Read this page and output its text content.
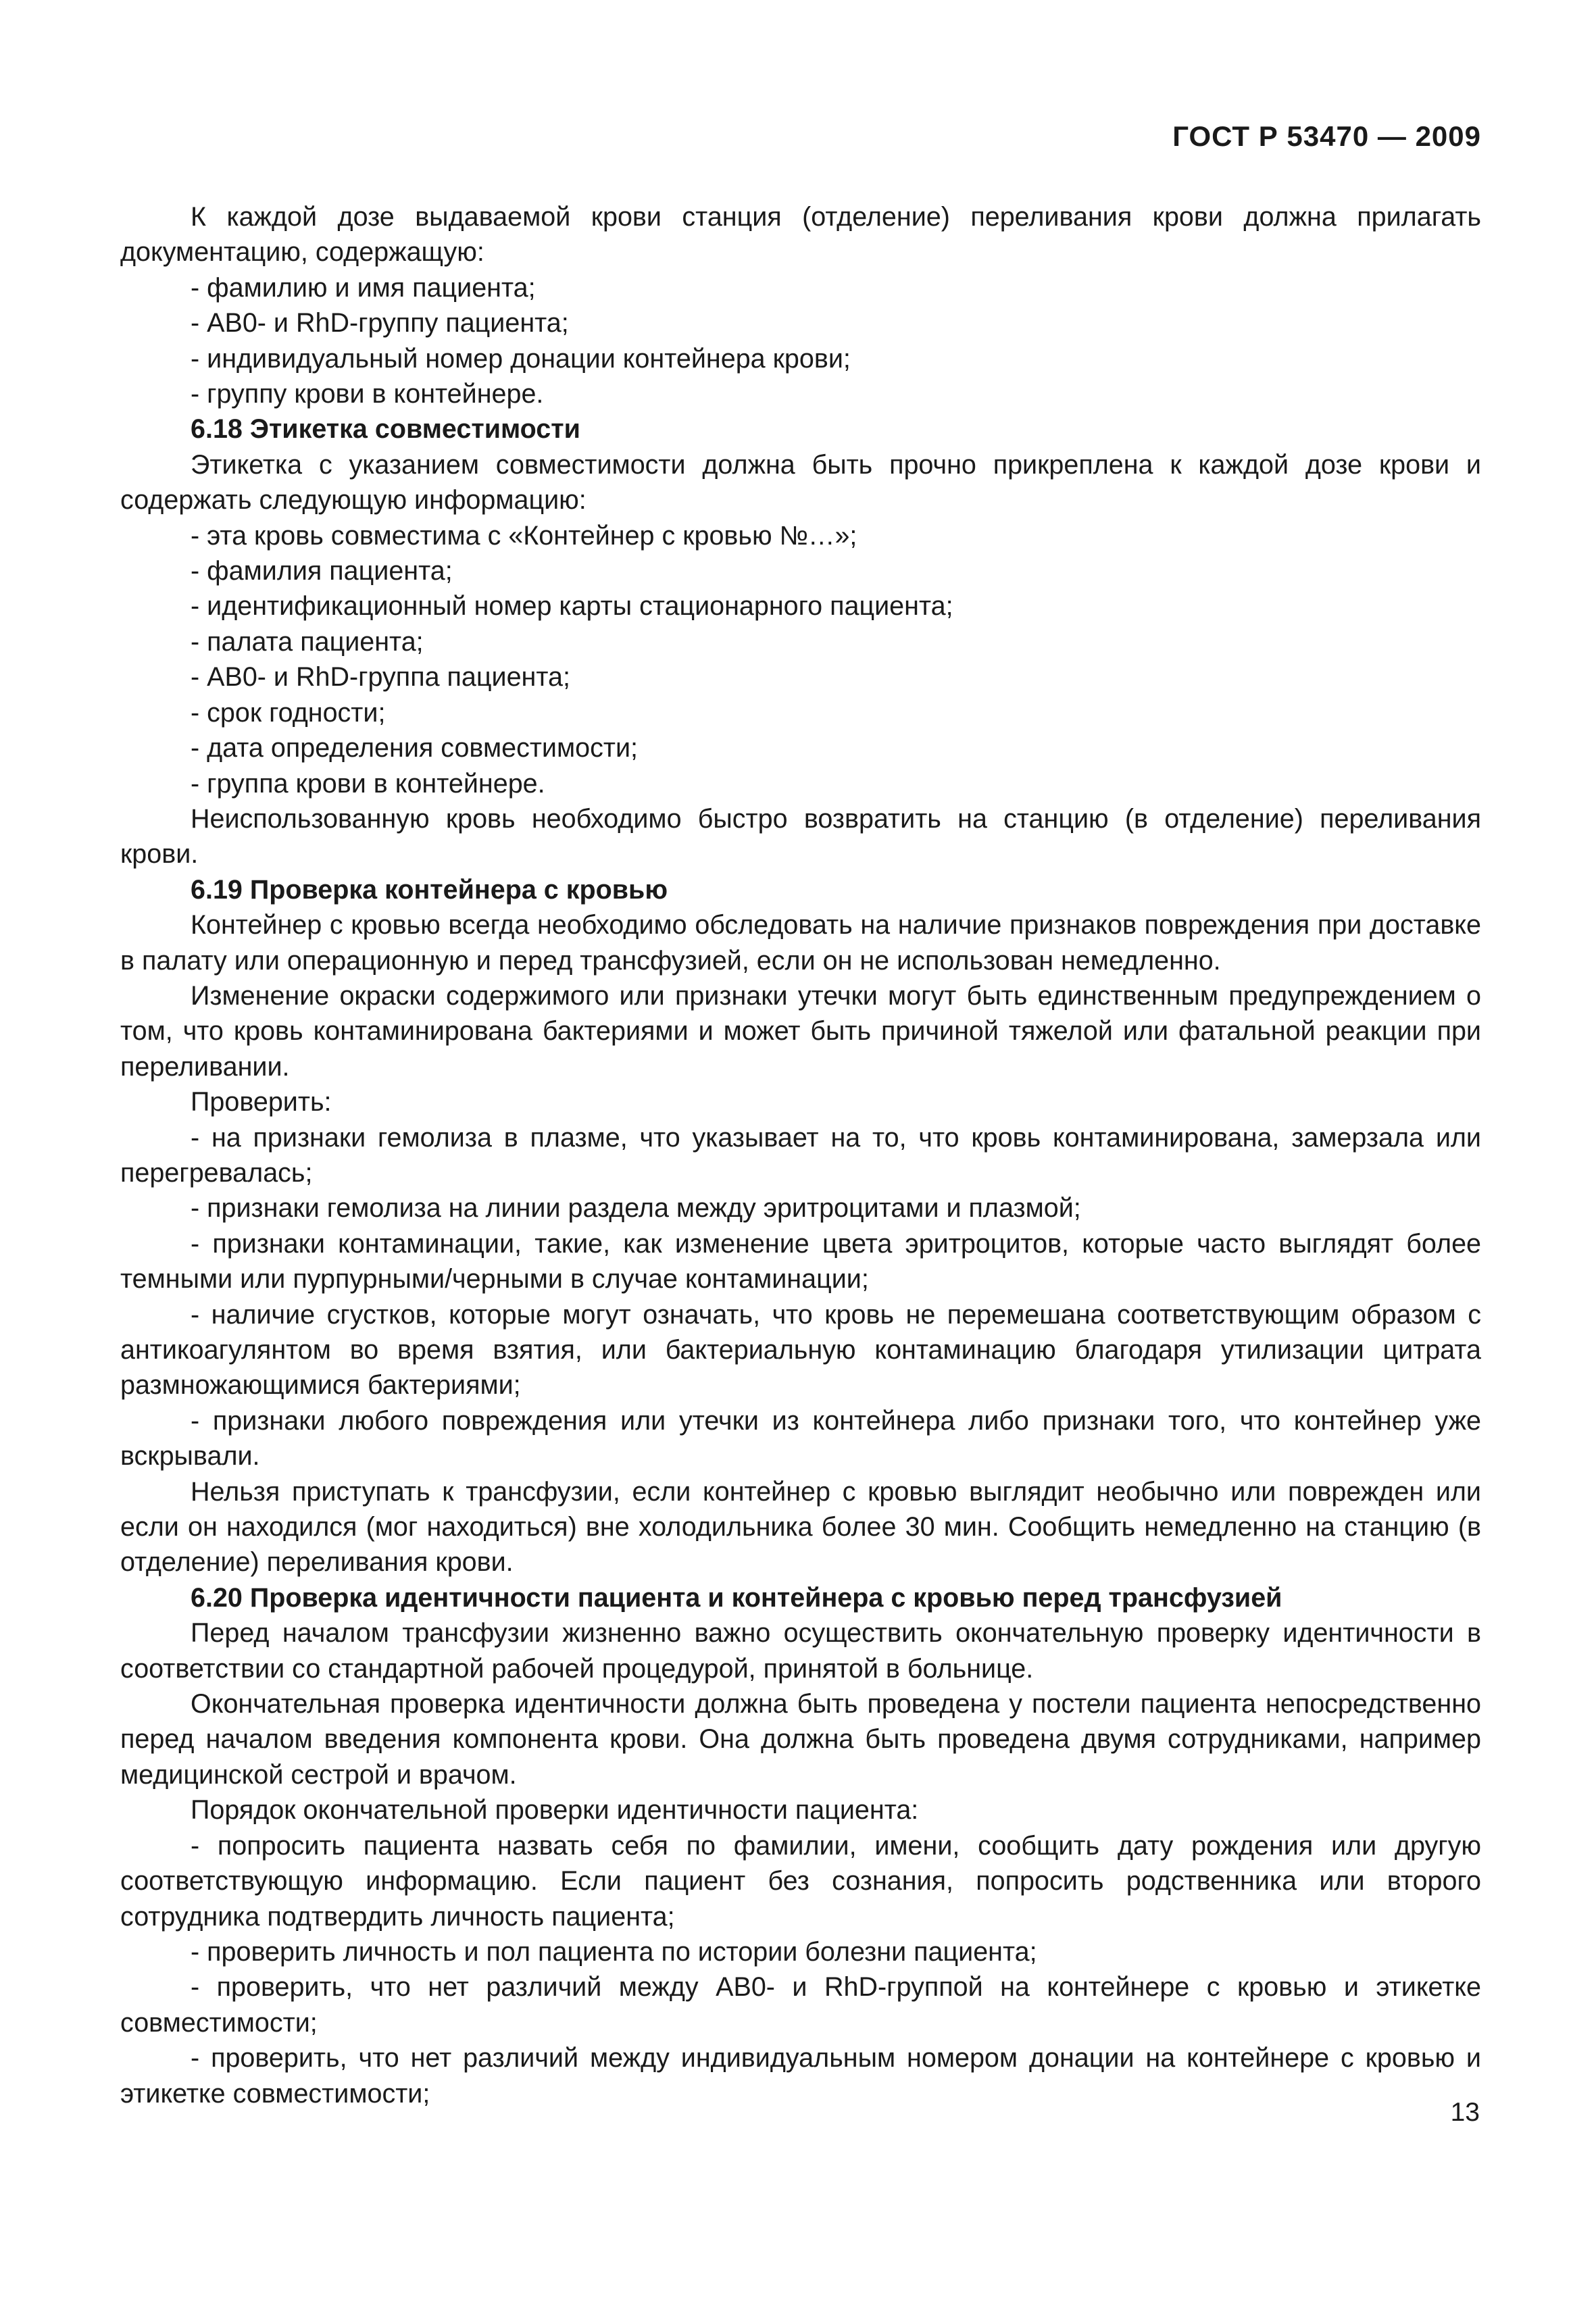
ГОСТ Р 53470 — 2009

К каждой дозе выдаваемой крови станция (отделение) переливания крови должна прилагать документацию, содержащую:

- фамилию и имя пациента;

- АВ0- и RhD-группу пациента;

- индивидуальный номер донации контейнера крови;

- группу крови в контейнере.

6.18 Этикетка совместимости

Этикетка с указанием совместимости должна быть прочно прикреплена к каждой дозе крови и содержать следующую информацию:

- эта кровь совместима с «Контейнер с кровью №…»;

- фамилия пациента;

- идентификационный номер карты стационарного пациента;

- палата пациента;

- АВ0- и RhD-группа пациента;

- срок годности;

- дата определения совместимости;

- группа крови в контейнере.

Неиспользованную кровь необходимо быстро возвратить на станцию (в отделение) переливания крови.

6.19 Проверка контейнера с кровью

Контейнер с кровью всегда необходимо обследовать на наличие признаков повреждения при доставке в палату или операционную и перед трансфузией, если он не использован немедленно.

Изменение окраски содержимого или признаки утечки могут быть единственным предупреждением о том, что кровь контаминирована бактериями и может быть причиной тяжелой или фатальной реакции при переливании.

Проверить:

- на признаки гемолиза в плазме, что указывает на то, что кровь контаминирована, замерзала или перегревалась;

- признаки гемолиза на линии раздела между эритроцитами и плазмой;

- признаки контаминации, такие, как изменение цвета эритроцитов, которые часто выглядят более темными или пурпурными/черными в случае контаминации;

- наличие сгустков, которые могут означать, что кровь не перемешана соответствующим образом с антикоагулянтом во время взятия, или бактериальную контаминацию благодаря утилизации цитрата размножающимися бактериями;

- признаки любого повреждения или утечки из контейнера либо признаки того, что контейнер уже вскрывали.

Нельзя приступать к трансфузии, если контейнер с кровью выглядит необычно или поврежден или если он находился (мог находиться) вне холодильника более 30 мин. Сообщить немедленно на станцию (в отделение) переливания крови.

6.20 Проверка идентичности пациента и контейнера с кровью перед трансфузией

Перед началом трансфузии жизненно важно осуществить окончательную проверку идентичности в соответствии со стандартной рабочей процедурой, принятой в больнице.

Окончательная проверка идентичности должна быть проведена у постели пациента непосредственно перед началом введения компонента крови. Она должна быть проведена двумя сотрудниками, например медицинской сестрой и врачом.

Порядок окончательной проверки идентичности пациента:

- попросить пациента назвать себя по фамилии, имени, сообщить дату рождения или другую соответствующую информацию. Если пациент без сознания, попросить родственника или второго сотрудника подтвердить личность пациента;

- проверить личность и пол пациента по истории болезни пациента;

- проверить, что нет различий между АВ0- и RhD-группой на контейнере с кровью и этикетке совместимости;

- проверить, что нет различий между индивидуальным номером донации на контейнере с кровью и этикетке совместимости;

13
